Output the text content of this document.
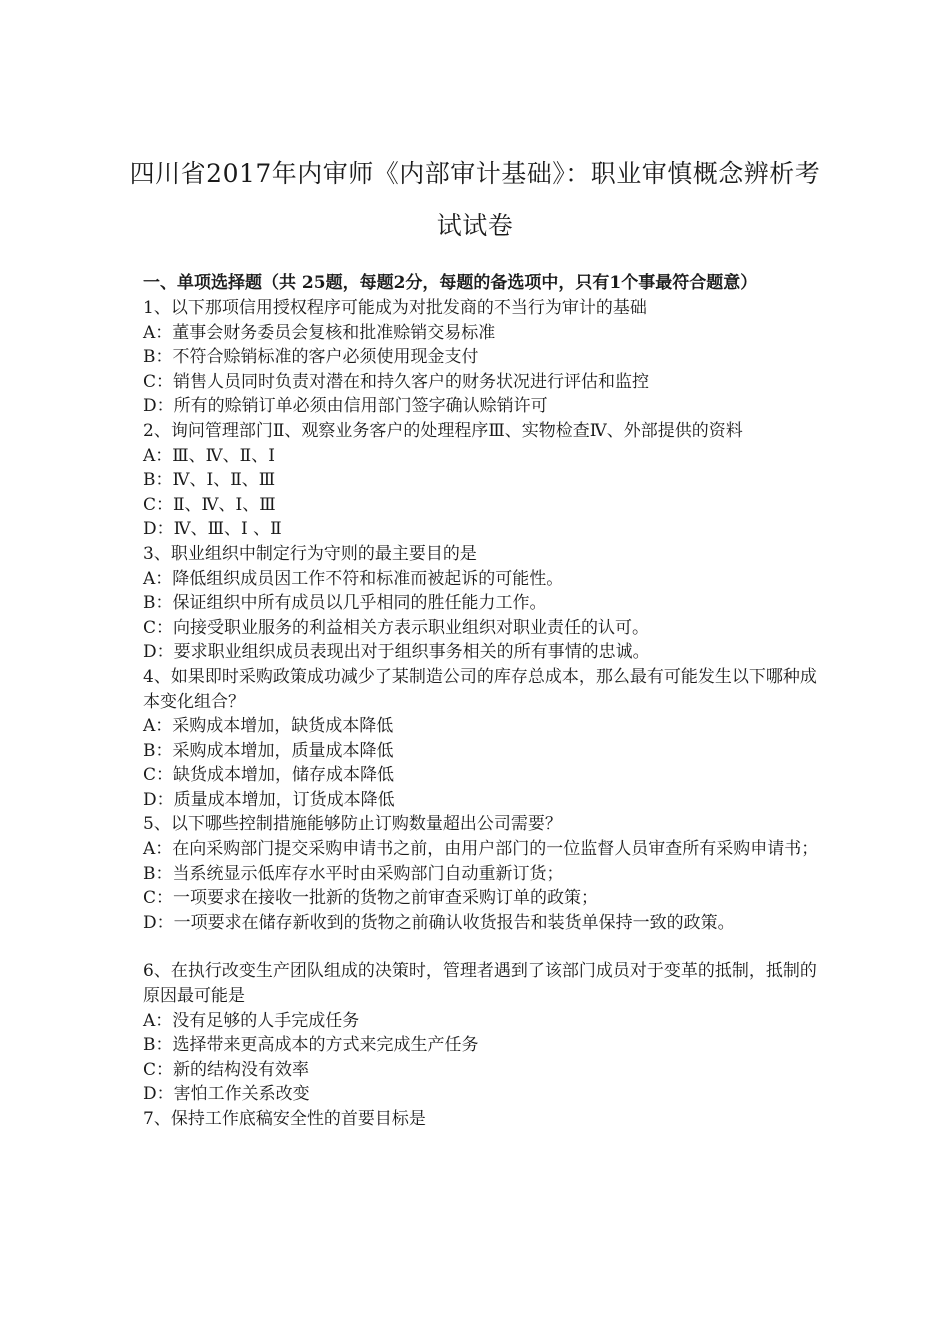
四川省2017年内审师《内部审计基础》：职业审慎概念辨析考试试卷
一、单项选择题（共 25题，每题2分，每题的备选项中，只有1个事最符合题意）

1、以下那项信用授权程序可能成为对批发商的不当行为审计的基础

A：董事会财务委员会复核和批准赊销交易标准

B：不符合赊销标准的客户必须使用现金支付

C：销售人员同时负责对潜在和持久客户的财务状况进行评估和监控

D：所有的赊销订单必须由信用部门签字确认赊销许可

2、询问管理部门Ⅱ、观察业务客户的处理程序Ⅲ、实物检查Ⅳ、外部提供的资料

A：Ⅲ、Ⅳ、Ⅱ、Ⅰ

B：Ⅳ、Ⅰ、Ⅱ、Ⅲ

C：Ⅱ、Ⅳ、Ⅰ、Ⅲ

D：Ⅳ、Ⅲ、Ⅰ 、Ⅱ

3、职业组织中制定行为守则的最主要目的是

A：降低组织成员因工作不符和标准而被起诉的可能性。

B：保证组织中所有成员以几乎相同的胜任能力工作。

C：向接受职业服务的利益相关方表示职业组织对职业责任的认可。

D：要求职业组织成员表现出对于组织事务相关的所有事情的忠诚。

4、如果即时采购政策成功减少了某制造公司的库存总成本，那么最有可能发生以下哪种成本变化组合？

A：采购成本增加，缺货成本降低

B：采购成本增加，质量成本降低

C：缺货成本增加，储存成本降低

D：质量成本增加，订货成本降低

5、以下哪些控制措施能够防止订购数量超出公司需要？

A：在向采购部门提交采购申请书之前，由用户部门的一位监督人员审查所有采购申请书；

B：当系统显示低库存水平时由采购部门自动重新订货；

C：一项要求在接收一批新的货物之前审查采购订单的政策；

D：一项要求在储存新收到的货物之前确认收货报告和装货单保持一致的政策。

6、在执行改变生产团队组成的决策时，管理者遇到了该部门成员对于变革的抵制，抵制的原因最可能是

A：没有足够的人手完成任务

B：选择带来更高成本的方式来完成生产任务

C：新的结构没有效率

D：害怕工作关系改变

7、保持工作底稿安全性的首要目标是
